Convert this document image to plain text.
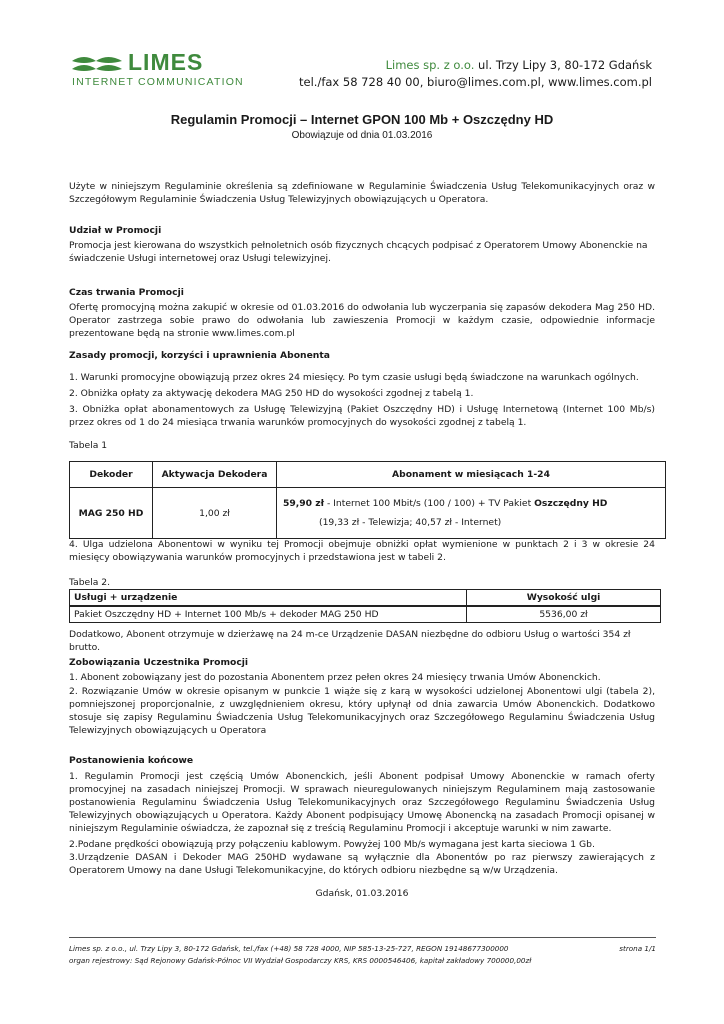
LIMES
INTERNET COMMUNICATION
Limes sp. z o.o. ul. Trzy Lipy 3, 80-172 Gdańsk
tel./fax 58 728 40 00, biuro@limes.com.pl, www.limes.com.pl
Regulamin Promocji – Internet GPON 100 Mb + Oszczędny HD
Obowiązuje od dnia 01.03.2016
Użyte w niniejszym Regulaminie określenia są zdefiniowane w Regulaminie Świadczenia Usług Telekomunikacyjnych oraz w Szczegółowym Regulaminie Świadczenia Usług Telewizyjnych obowiązujących u Operatora.
Udział w Promocji
Promocja jest kierowana do wszystkich pełnoletnich osób fizycznych chcących podpisać z Operatorem Umowy Abonenckie na świadczenie Usługi internetowej oraz Usługi telewizyjnej.
Czas trwania Promocji
Ofertę promocyjną można zakupić w okresie od 01.03.2016 do odwołania lub wyczerpania się zapasów dekodera Mag 250 HD. Operator zastrzega sobie prawo do odwołania lub zawieszenia Promocji w każdym czasie, odpowiednie informacje prezentowane będą na stronie www.limes.com.pl
Zasady promocji, korzyści i uprawnienia Abonenta
1. Warunki promocyjne obowiązują przez okres 24 miesięcy. Po tym czasie usługi będą świadczone na warunkach ogólnych.
2. Obniżka opłaty za aktywację dekodera MAG 250 HD do wysokości zgodnej z tabelą 1.
3. Obniżka opłat abonamentowych za Usługę Telewizyjną (Pakiet Oszczędny HD) i Usługę Internetową (Internet 100 Mb/s) przez okres od 1 do 24 miesiąca trwania warunków promocyjnych do wysokości zgodnej z tabelą 1.
Tabela 1
Dekoder	Aktywacja Dekodera	Abonament w miesiącach 1-24
MAG 250 HD	1,00 zł	59,90 zł - Internet 100 Mbit/s (100 / 100) + TV Pakiet Oszczędny HD
(19,33 zł - Telewizja; 40,57 zł - Internet)
4. Ulga udzielona Abonentowi w wyniku tej Promocji obejmuje obniżki opłat wymienione w punktach 2 i 3 w okresie 24 miesięcy obowiązywania warunków promocyjnych i przedstawiona jest w tabeli 2.
Tabela 2.
Usługi + urządzenie	Wysokość ulgi
Pakiet Oszczędny HD + Internet 100 Mb/s + dekoder MAG 250 HD	5536,00 zł
Dodatkowo, Abonent otrzymuje w dzierżawę na 24 m-ce Urządzenie DASAN niezbędne do odbioru Usług o wartości 354 zł brutto.
Zobowiązania Uczestnika Promocji
1. Abonent zobowiązany jest do pozostania Abonentem przez pełen okres 24 miesięcy trwania Umów Abonenckich.
2. Rozwiązanie Umów w okresie opisanym w punkcie 1 wiąże się z karą w wysokości udzielonej Abonentowi ulgi (tabela 2), pomniejszonej proporcjonalnie, z uwzględnieniem okresu, który upłynął od dnia zawarcia Umów Abonenckich. Dodatkowo stosuje się zapisy Regulaminu Świadczenia Usług Telekomunikacyjnych oraz Szczegółowego Regulaminu Świadczenia Usług Telewizyjnych obowiązujących u Operatora
Postanowienia końcowe
1. Regulamin Promocji jest częścią Umów Abonenckich, jeśli Abonent podpisał Umowy Abonenckie w ramach oferty promocyjnej na zasadach niniejszej Promocji. W sprawach nieuregulowanych niniejszym Regulaminem mają zastosowanie postanowienia Regulaminu Świadczenia Usług Telekomunikacyjnych oraz Szczegółowego Regulaminu Świadczenia Usług Telewizyjnych obowiązujących u Operatora. Każdy Abonent podpisujący Umowę Abonencką na zasadach Promocji opisanej w niniejszym Regulaminie oświadcza, że zapoznał się z treścią Regulaminu Promocji i akceptuje warunki w nim zawarte.
2.Podane prędkości obowiązują przy połączeniu kablowym. Powyżej 100 Mb/s wymagana jest karta sieciowa 1 Gb.
3.Urządzenie DASAN i Dekoder MAG 250HD wydawane są wyłącznie dla Abonentów po raz pierwszy zawierających z Operatorem Umowy na dane Usługi Telekomunikacyjne, do których odbioru niezbędne są w/w Urządzenia.
Gdańsk, 01.03.2016
Limes sp. z o.o., ul. Trzy Lipy 3, 80-172 Gdańsk, tel./fax (+48) 58 728 4000, NIP 585-13-25-727, REGON 19148677300000
organ rejestrowy: Sąd Rejonowy Gdańsk-Północ VII Wydział Gospodarczy KRS, KRS 0000546406, kapitał zakładowy 700000,00zł
strona 1/1
